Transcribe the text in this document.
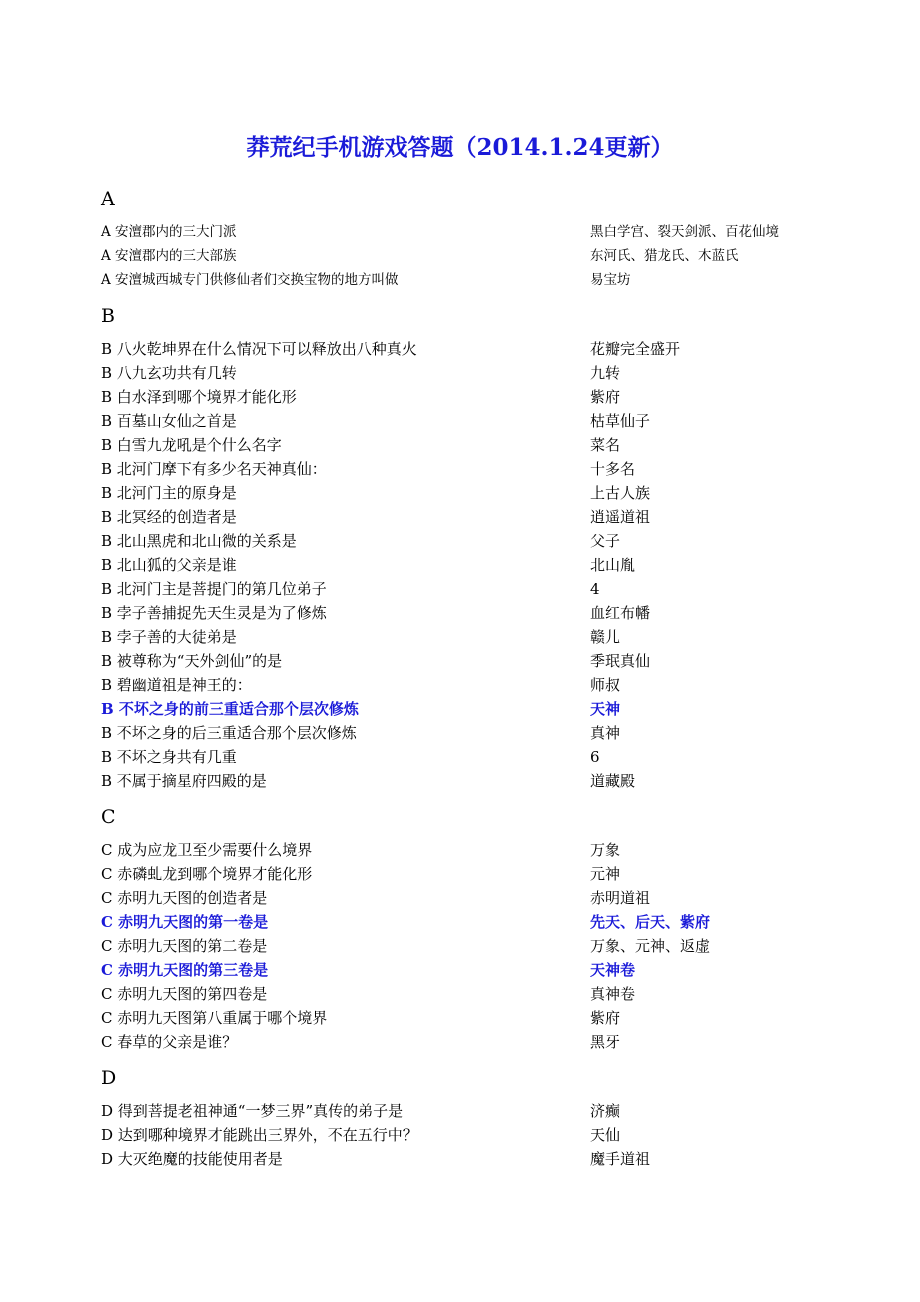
莽荒纪手机游戏答题（2014.1.24更新）
A
A 安澶郡内的三大门派	黑白学宫、裂天剑派、百花仙境
A 安澶郡内的三大部族	东河氏、猎龙氏、木蓝氏
A 安澶城西城专门供修仙者们交换宝物的地方叫做	易宝坊
B
B 八火乾坤界在什么情况下可以释放出八种真火	花瓣完全盛开
B 八九玄功共有几转	九转
B 白水泽到哪个境界才能化形	紫府
B 百墓山女仙之首是	枯草仙子
B 白雪九龙吼是个什么名字	菜名
B 北河门摩下有多少名天神真仙：	十多名
B 北河门主的原身是	上古人族
B 北冥经的创造者是	逍遥道祖
B 北山黑虎和北山微的关系是	父子
B 北山狐的父亲是谁	北山胤
B 北河门主是菩提门的第几位弟子	4
B 孛子善捕捉先天生灵是为了修炼	血红布幡
B 孛子善的大徒弟是	赣儿
B 被尊称为“天外剑仙”的是	季珉真仙
B 碧幽道祖是神王的：	师叔
B 不坏之身的前三重适合那个层次修炼	天神
B 不坏之身的后三重适合那个层次修炼	真神
B 不坏之身共有几重	6
B 不属于摘星府四殿的是	道藏殿
C
C 成为应龙卫至少需要什么境界	万象
C 赤磷虬龙到哪个境界才能化形	元神
C 赤明九天图的创造者是	赤明道祖
C 赤明九天图的第一卷是	先天、后天、紫府
C 赤明九天图的第二卷是	万象、元神、返虚
C 赤明九天图的第三卷是	天神卷
C 赤明九天图的第四卷是	真神卷
C 赤明九天图第八重属于哪个境界	紫府
C 春草的父亲是谁？	黑牙
D
D 得到菩提老祖神通“一梦三界”真传的弟子是	济癫
D 达到哪种境界才能跳出三界外，不在五行中？	天仙
D 大灭绝魔的技能使用者是	魔手道祖
